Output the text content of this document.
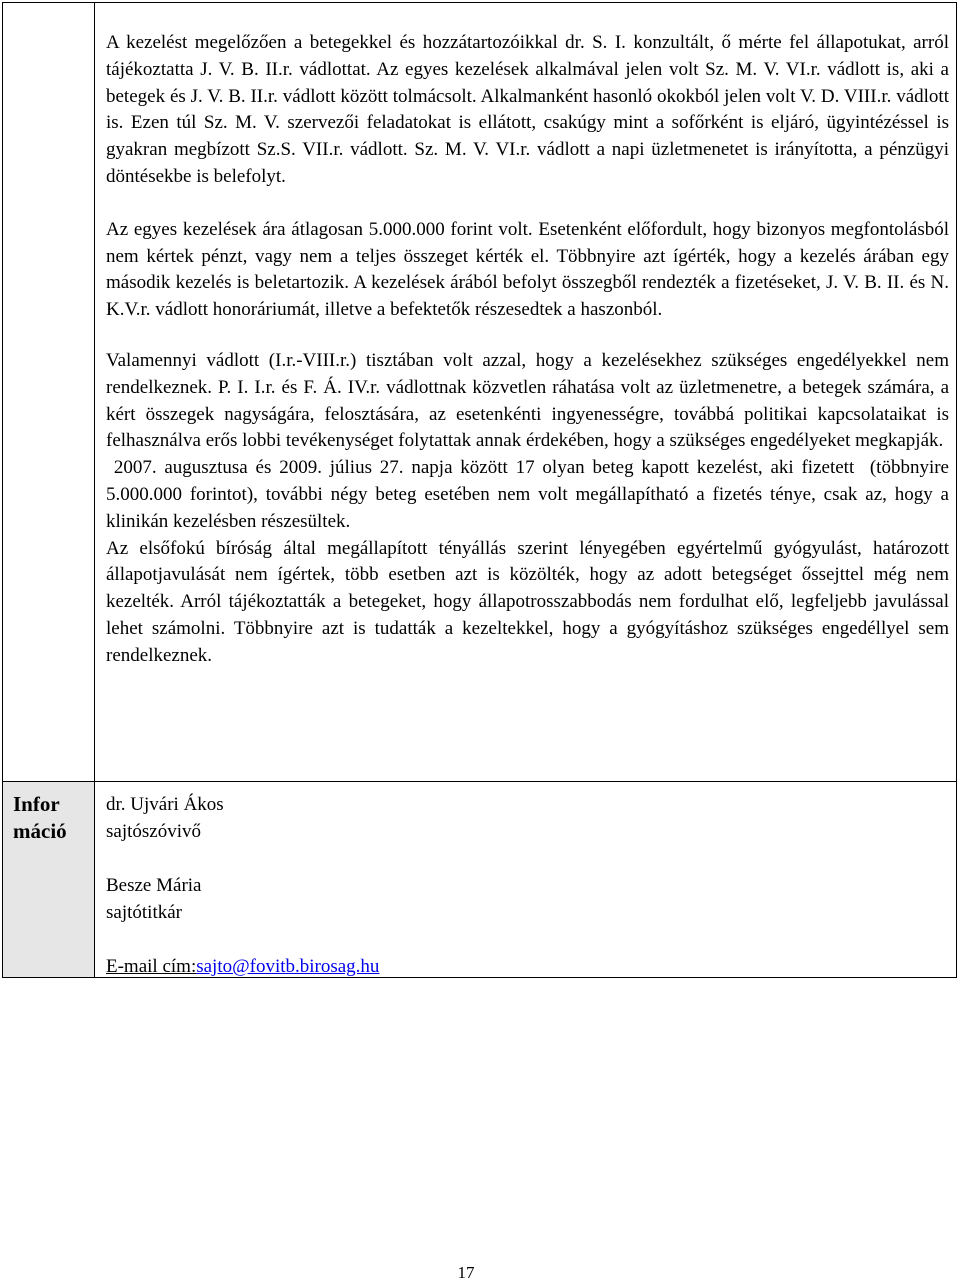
Infor
máció

A kezelést megelőzően a betegekkel és hozzátartozóikkal dr. S. I. konzultált, ő mérte fel állapotukat, arról tájékoztatta J. V. B. II.r. vádlottat. Az egyes kezelések alkalmával jelen volt Sz. M. V. VI.r. vádlott is, aki a betegek és J. V. B. II.r. vádlott között tolmácsolt. Alkalmanként hasonló okokból jelen volt V. D. VIII.r. vádlott is. Ezen túl Sz. M. V. szervezői feladatokat is ellátott, csakúgy mint a sofőrként is eljáró, ügyintézéssel is gyakran megbízott Sz.S. VII.r. vádlott. Sz. M. V. VI.r. vádlott a napi üzletmenetet is irányította, a pénzügyi döntésekbe is belefolyt.

Az egyes kezelések ára átlagosan 5.000.000 forint volt. Esetenként előfordult, hogy bizonyos megfontolásból nem kértek pénzt, vagy nem a teljes összeget kérték el. Többnyire azt ígérték, hogy a kezelés árában egy második kezelés is beletartozik. A kezelések árából befolyt összegből rendezték a fizetéseket, J. V. B. II. és N. K.V.r. vádlott honoráriumát, illetve a befektetők részesedtek a haszonból.

Valamennyi vádlott (I.r.-VIII.r.) tisztában volt azzal, hogy a kezelésekhez szükséges engedélyekkel nem rendelkeznek. P. I. I.r. és F. Á. IV.r. vádlottnak közvetlen ráhatása volt az üzletmenetre, a betegek számára, a kért összegek nagyságára, felosztására, az esetenkénti ingyenességre, továbbá politikai kapcsolataikat is felhasználva erős lobbi tevékenységet folytattak annak érdekében, hogy a szükséges engedélyeket megkapják.

2007. augusztusa és 2009. július 27. napja között 17 olyan beteg kapott kezelést, aki fizetett  (többnyire 5.000.000 forintot), további négy beteg esetében nem volt megállapítható a fizetés ténye, csak az, hogy a klinikán kezelésben részesültek.

Az elsőfokú bíróság által megállapított tényállás szerint lényegében egyértelmű gyógyulást, határozott állapotjavulását nem ígértek, több esetben azt is közölték, hogy az adott betegséget őssejttel még nem kezelték. Arról tájékoztatták a betegeket, hogy állapotrosszabbodás nem fordulhat elő, legfeljebb javulással lehet számolni. Többnyire azt is tudatták a kezeltekkel, hogy a gyógyításhoz szükséges engedéllyel sem rendelkeznek.

dr. Ujvári Ákos
sajtószóvivő
Besze Mária
sajtótitkár
E-mail cím:sajto@fovitb.birosag.hu
17
